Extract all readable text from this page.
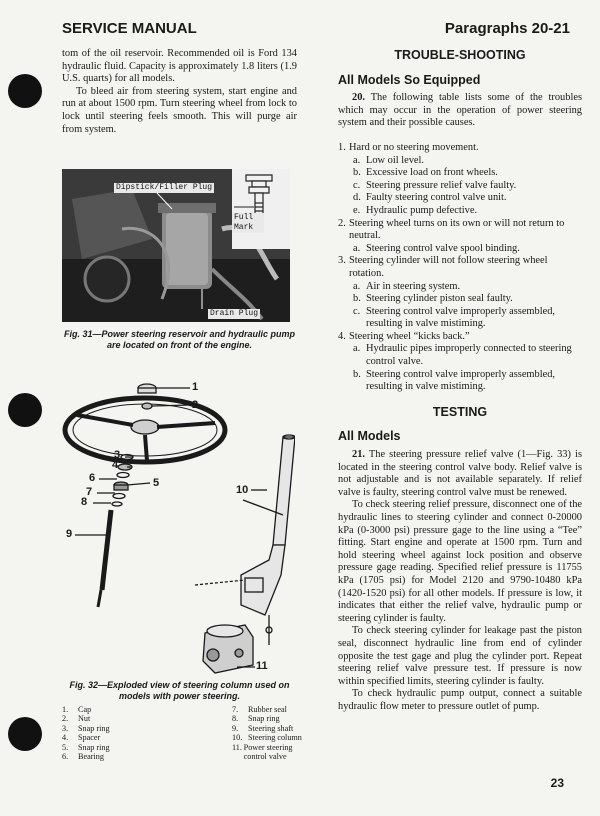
SERVICE MANUAL	Paragraphs 20-21

tom of the oil reservoir. Recommended oil is Ford 134 hydraulic fluid. Capacity is approximately 1.8 liters (1.9 U.S. quarts) for all models.

To bleed air from steering system, start engine and run at about 1500 rpm. Turn steering wheel from lock to lock until steering feels smooth. This will purge air from system.

Dipstick/Filler Plug
Full Mark
Drain Plug
Fig. 31—Power steering reservoir and hydraulic pump are located on front of the engine.
1
2
3
4
5
6
7
8
9
10
11
Fig. 32—Exploded view of steering column used on models with power steering.
1.	Cap
2.	Nut
3.	Snap ring
4.	Spacer
5.	Snap ring
6.	Bearing
7.	Rubber seal
8.	Snap ring
9.	Steering shaft
10. Steering column
11. Power steering control valve
TROUBLE-SHOOTING
All Models So Equipped

20. The following table lists some of the troubles which may occur in the operation of power steering system and their possible causes.

1. Hard or no steering movement.
a. Low oil level.
b. Excessive load on front wheels.
c. Steering pressure relief valve faulty.
d. Faulty steering control valve unit.
e. Hydraulic pump defective.
2. Steering wheel turns on its own or will not return to neutral.
a. Steering control valve spool binding.
3. Steering cylinder will not follow steering wheel rotation.
a. Air in steering system.
b. Steering cylinder piston seal faulty.
c. Steering control valve improperly assembled, resulting in valve mistiming.
4. Steering wheel “kicks back.”
a. Hydraulic pipes improperly connected to steering control valve.
b. Steering control valve improperly assembled, resulting in valve mistiming.
TESTING
All Models

21. The steering pressure relief valve (1—Fig. 33) is located in the steering control valve body. Relief valve is not adjustable and is not available separately. If relief valve is faulty, steering control valve must be renewed.

To check steering relief pressure, disconnect one of the hydraulic lines to steering cylinder and connect 0-20000 kPa (0-3000 psi) pressure gage to the line using a “Tee” fitting. Start engine and operate at 1500 rpm. Turn and hold steering wheel against lock position and observe pressure gage reading. Specified relief pressure is 11755 kPa (1705 psi) for Model 2120 and 9790-10480 kPa (1420-1520 psi) for all other models. If pressure is low, it indicates that either the relief valve, hydraulic pump or steering cylinder is faulty.

To check steering cylinder for leakage past the piston seal, disconnect hydraulic line from end of cylinder opposite the test gage and plug the cylinder port. Repeat steering relief valve pressure test. If pressure is now within specified limits, steering cylinder is faulty.

To check hydraulic pump output, connect a suitable hydraulic flow meter to pressure outlet of pump.

23
